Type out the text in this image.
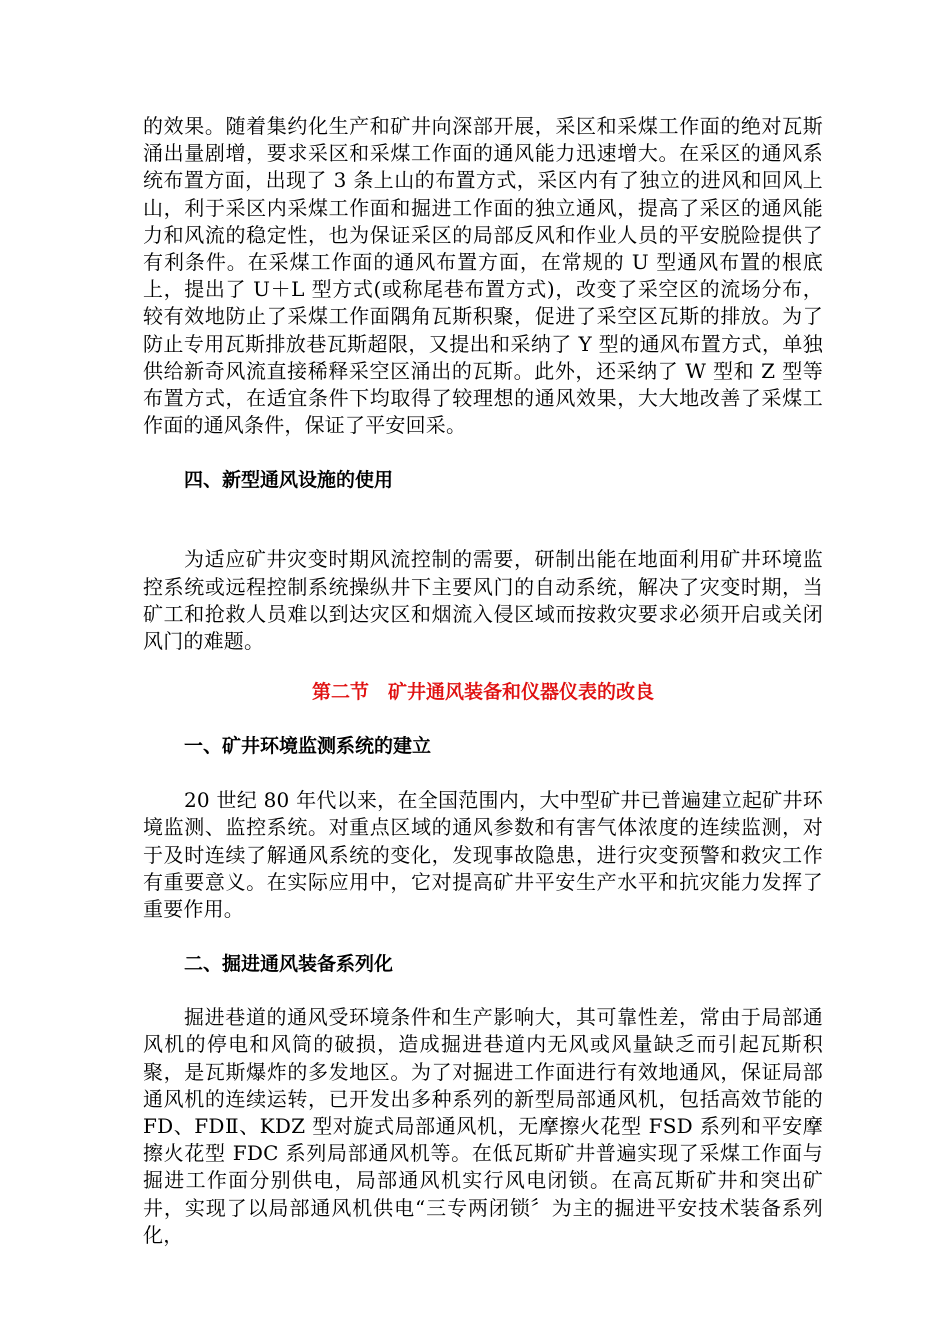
的效果。随着集约化生产和矿井向深部开展，采区和采煤工作面的绝对瓦斯涌出量剧增，要求采区和采煤工作面的通风能力迅速增大。在采区的通风系统布置方面，出现了 3 条上山的布置方式，采区内有了独立的进风和回风上山，利于采区内采煤工作面和掘进工作面的独立通风，提高了采区的通风能力和风流的稳定性，也为保证采区的局部反风和作业人员的平安脱险提供了有利条件。在采煤工作面的通风布置方面，在常规的 U 型通风布置的根底上，提出了 U＋L 型方式(或称尾巷布置方式)，改变了采空区的流场分布，较有效地防止了采煤工作面隅角瓦斯积聚，促进了采空区瓦斯的排放。为了防止专用瓦斯排放巷瓦斯超限，又提出和采纳了 Y 型的通风布置方式，单独供给新奇风流直接稀释采空区涌出的瓦斯。此外，还采纳了 W 型和 Z 型等布置方式，在适宜条件下均取得了较理想的通风效果，大大地改善了采煤工作面的通风条件，保证了平安回采。

四、新型通风设施的使用

为适应矿井灾变时期风流控制的需要，研制出能在地面利用矿井环境监控系统或远程控制系统操纵井下主要风门的自动系统，解决了灾变时期，当矿工和抢救人员难以到达灾区和烟流入侵区域而按救灾要求必须开启或关闭风门的难题。

第二节　矿井通风装备和仪器仪表的改良

一、矿井环境监测系统的建立

20 世纪 80 年代以来，在全国范围内，大中型矿井已普遍建立起矿井环境监测、监控系统。对重点区域的通风参数和有害气体浓度的连续监测，对于及时连续了解通风系统的变化，发现事故隐患，进行灾变预警和救灾工作有重要意义。在实际应用中，它对提高矿井平安生产水平和抗灾能力发挥了重要作用。

二、掘进通风装备系列化

掘进巷道的通风受环境条件和生产影响大，其可靠性差，常由于局部通风机的停电和风筒的破损，造成掘进巷道内无风或风量缺乏而引起瓦斯积聚，是瓦斯爆炸的多发地区。为了对掘进工作面进行有效地通风，保证局部通风机的连续运转，已开发出多种系列的新型局部通风机，包括高效节能的 FD、FDⅡ、KDZ 型对旋式局部通风机，无摩擦火花型 FSD 系列和平安摩擦火花型 FDC 系列局部通风机等。在低瓦斯矿井普遍实现了采煤工作面与掘进工作面分别供电，局部通风机实行风电闭锁。在高瓦斯矿井和突出矿井，实现了以局部通风机供电“三专两闭锁〞为主的掘进平安技术装备系列化，
